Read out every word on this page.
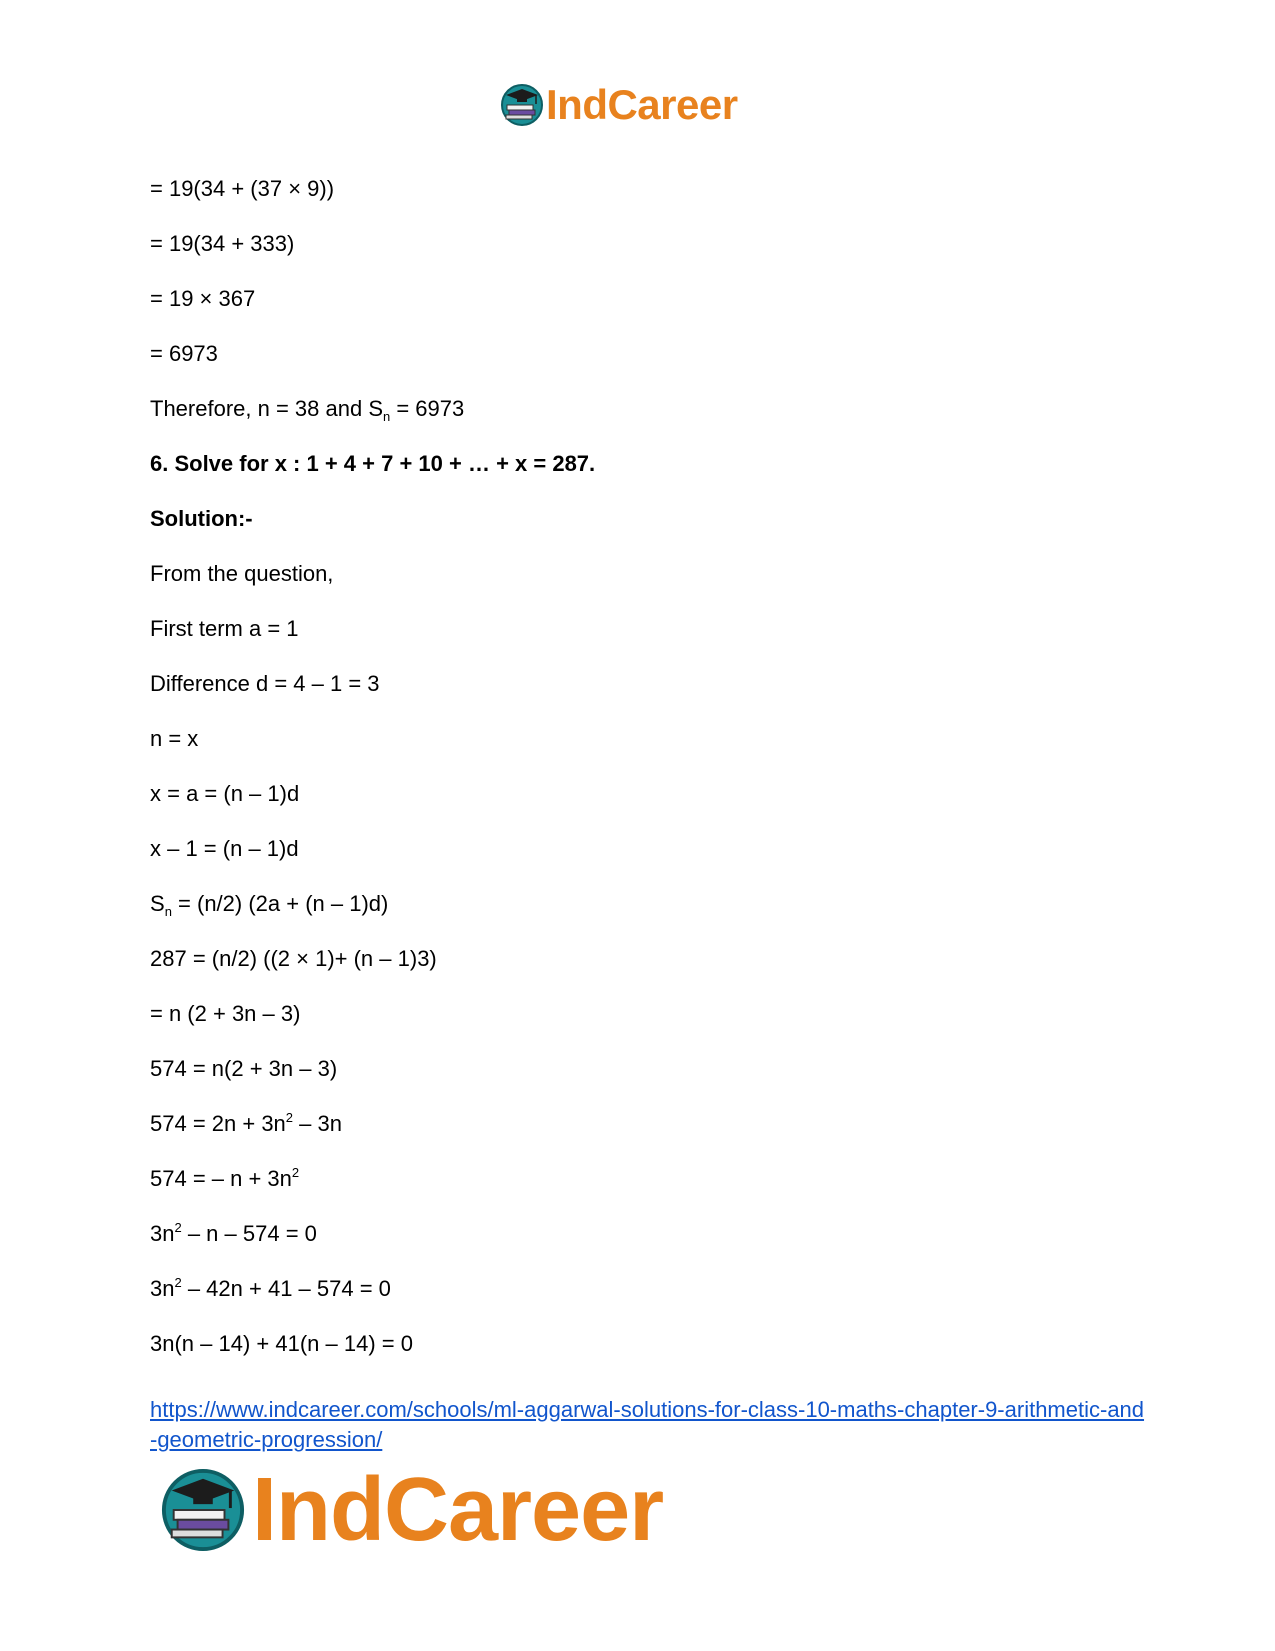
IndCareer
= 19(34 + (37 × 9))
= 19(34 + 333)
= 19 × 367
= 6973
Therefore, n = 38 and $S_n = 6973$
6. Solve for x : 1 + 4 + 7 + 10 + … + x = 287.
Solution:-
From the question,
First term a = 1
Difference d = 4 – 1 = 3
n = x
x = a = (n – 1)d
x – 1 = (n – 1)d
$S_n = (n/2) (2a + (n - 1)d)$
287 = (n/2) ((2 × 1)+ (n – 1)3)
= n (2 + 3n – 3)
574 = n(2 + 3n – 3)
$574 = 2n + 3n^2 - 3n$
574 = – $n + 3n^2$
$3n^2 - n - 574 = 0$
$3n^2 - 42n + 41 - 574 = 0$
3n(n – 14) + 41(n – 14) = 0
https://www.indcareer.com/schools/ml-aggarwal-solutions-for-class-10-maths-chapter-9-arithmetic-and-geometric-progression/
IndCareer
